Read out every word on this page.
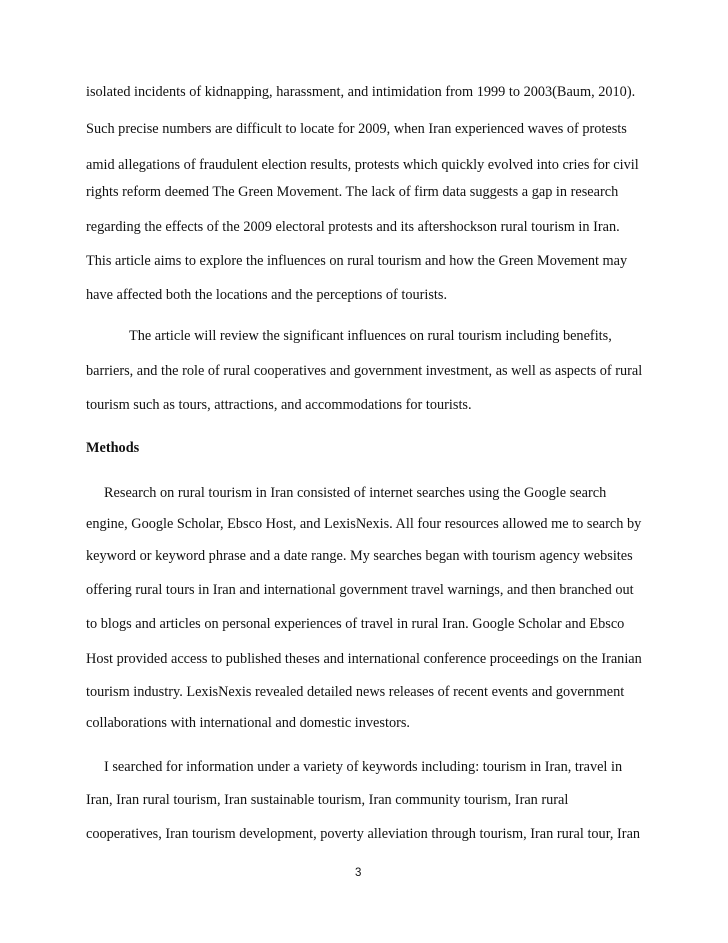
isolated incidents of kidnapping, harassment, and intimidation from 1999 to 2003(Baum, 2010).
Such precise numbers are difficult to locate for 2009, when Iran experienced waves of protests
amid allegations of fraudulent election results, protests which quickly evolved into cries for civil
rights reform deemed The Green Movement. The lack of firm data suggests a gap in research
regarding the effects of the 2009 electoral protests and its aftershockson rural tourism in Iran.
This article aims to explore the influences on rural tourism and how the Green Movement may
have affected both the locations and the perceptions of tourists.
The article will review the significant influences on rural tourism including benefits,
barriers, and the role of rural cooperatives and government investment, as well as aspects of rural
tourism such as tours, attractions, and accommodations for tourists.
Methods
Research on rural tourism in Iran consisted of internet searches using the Google search
engine, Google Scholar, Ebsco Host, and LexisNexis. All four resources allowed me to search by
keyword or keyword phrase and a date range. My searches began with tourism agency websites
offering rural tours in Iran and international government travel warnings, and then branched out
to blogs and articles on personal experiences of travel in rural Iran. Google Scholar and Ebsco
Host provided access to published theses and international conference proceedings on the Iranian
tourism industry. LexisNexis revealed detailed news releases of recent events and government
collaborations with international and domestic investors.
I searched for information under a variety of keywords including: tourism in Iran, travel in
Iran, Iran rural tourism, Iran sustainable tourism, Iran community tourism, Iran rural
cooperatives, Iran tourism development, poverty alleviation through tourism, Iran rural tour, Iran
3
